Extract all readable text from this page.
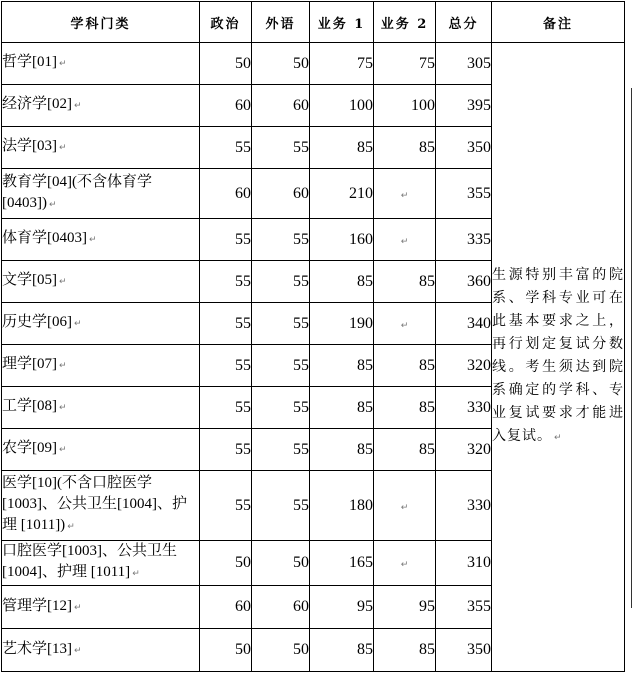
学科门类	政治	外语	业务 1	业务 2	总分	备注
哲学[01] ↵	50	50	75	75	305	生源特别丰富的院系、学科专业可在此基本要求之上，再行划定复试分数线。考生须达到院系确定的学科、专业复试要求才能进入复试。 ↵
经济学[02] ↵	60	60	100	100	395	
法学[03] ↵	55	55	85	85	350	
教育学[04](不含体育学[0403]) ↵	60	60	210	↵	355	
体育学[0403] ↵	55	55	160	↵	335	
文学[05] ↵	55	55	85	85	360	
历史学[06] ↵	55	55	190	↵	340	
理学[07] ↵	55	55	85	85	320	
工学[08] ↵	55	55	85	85	330	
农学[09] ↵	55	55	85	85	320	
医学[10](不含口腔医学[1003]、公共卫生[1004]、护理 [1011]) ↵	55	55	180	↵	330	
口腔医学[1003]、公共卫生 [1004]、护理 [1011] ↵	50	50	165	↵	310	
管理学[12] ↵	60	60	95	95	355	
艺术学[13] ↵	50	50	85	85	350	
